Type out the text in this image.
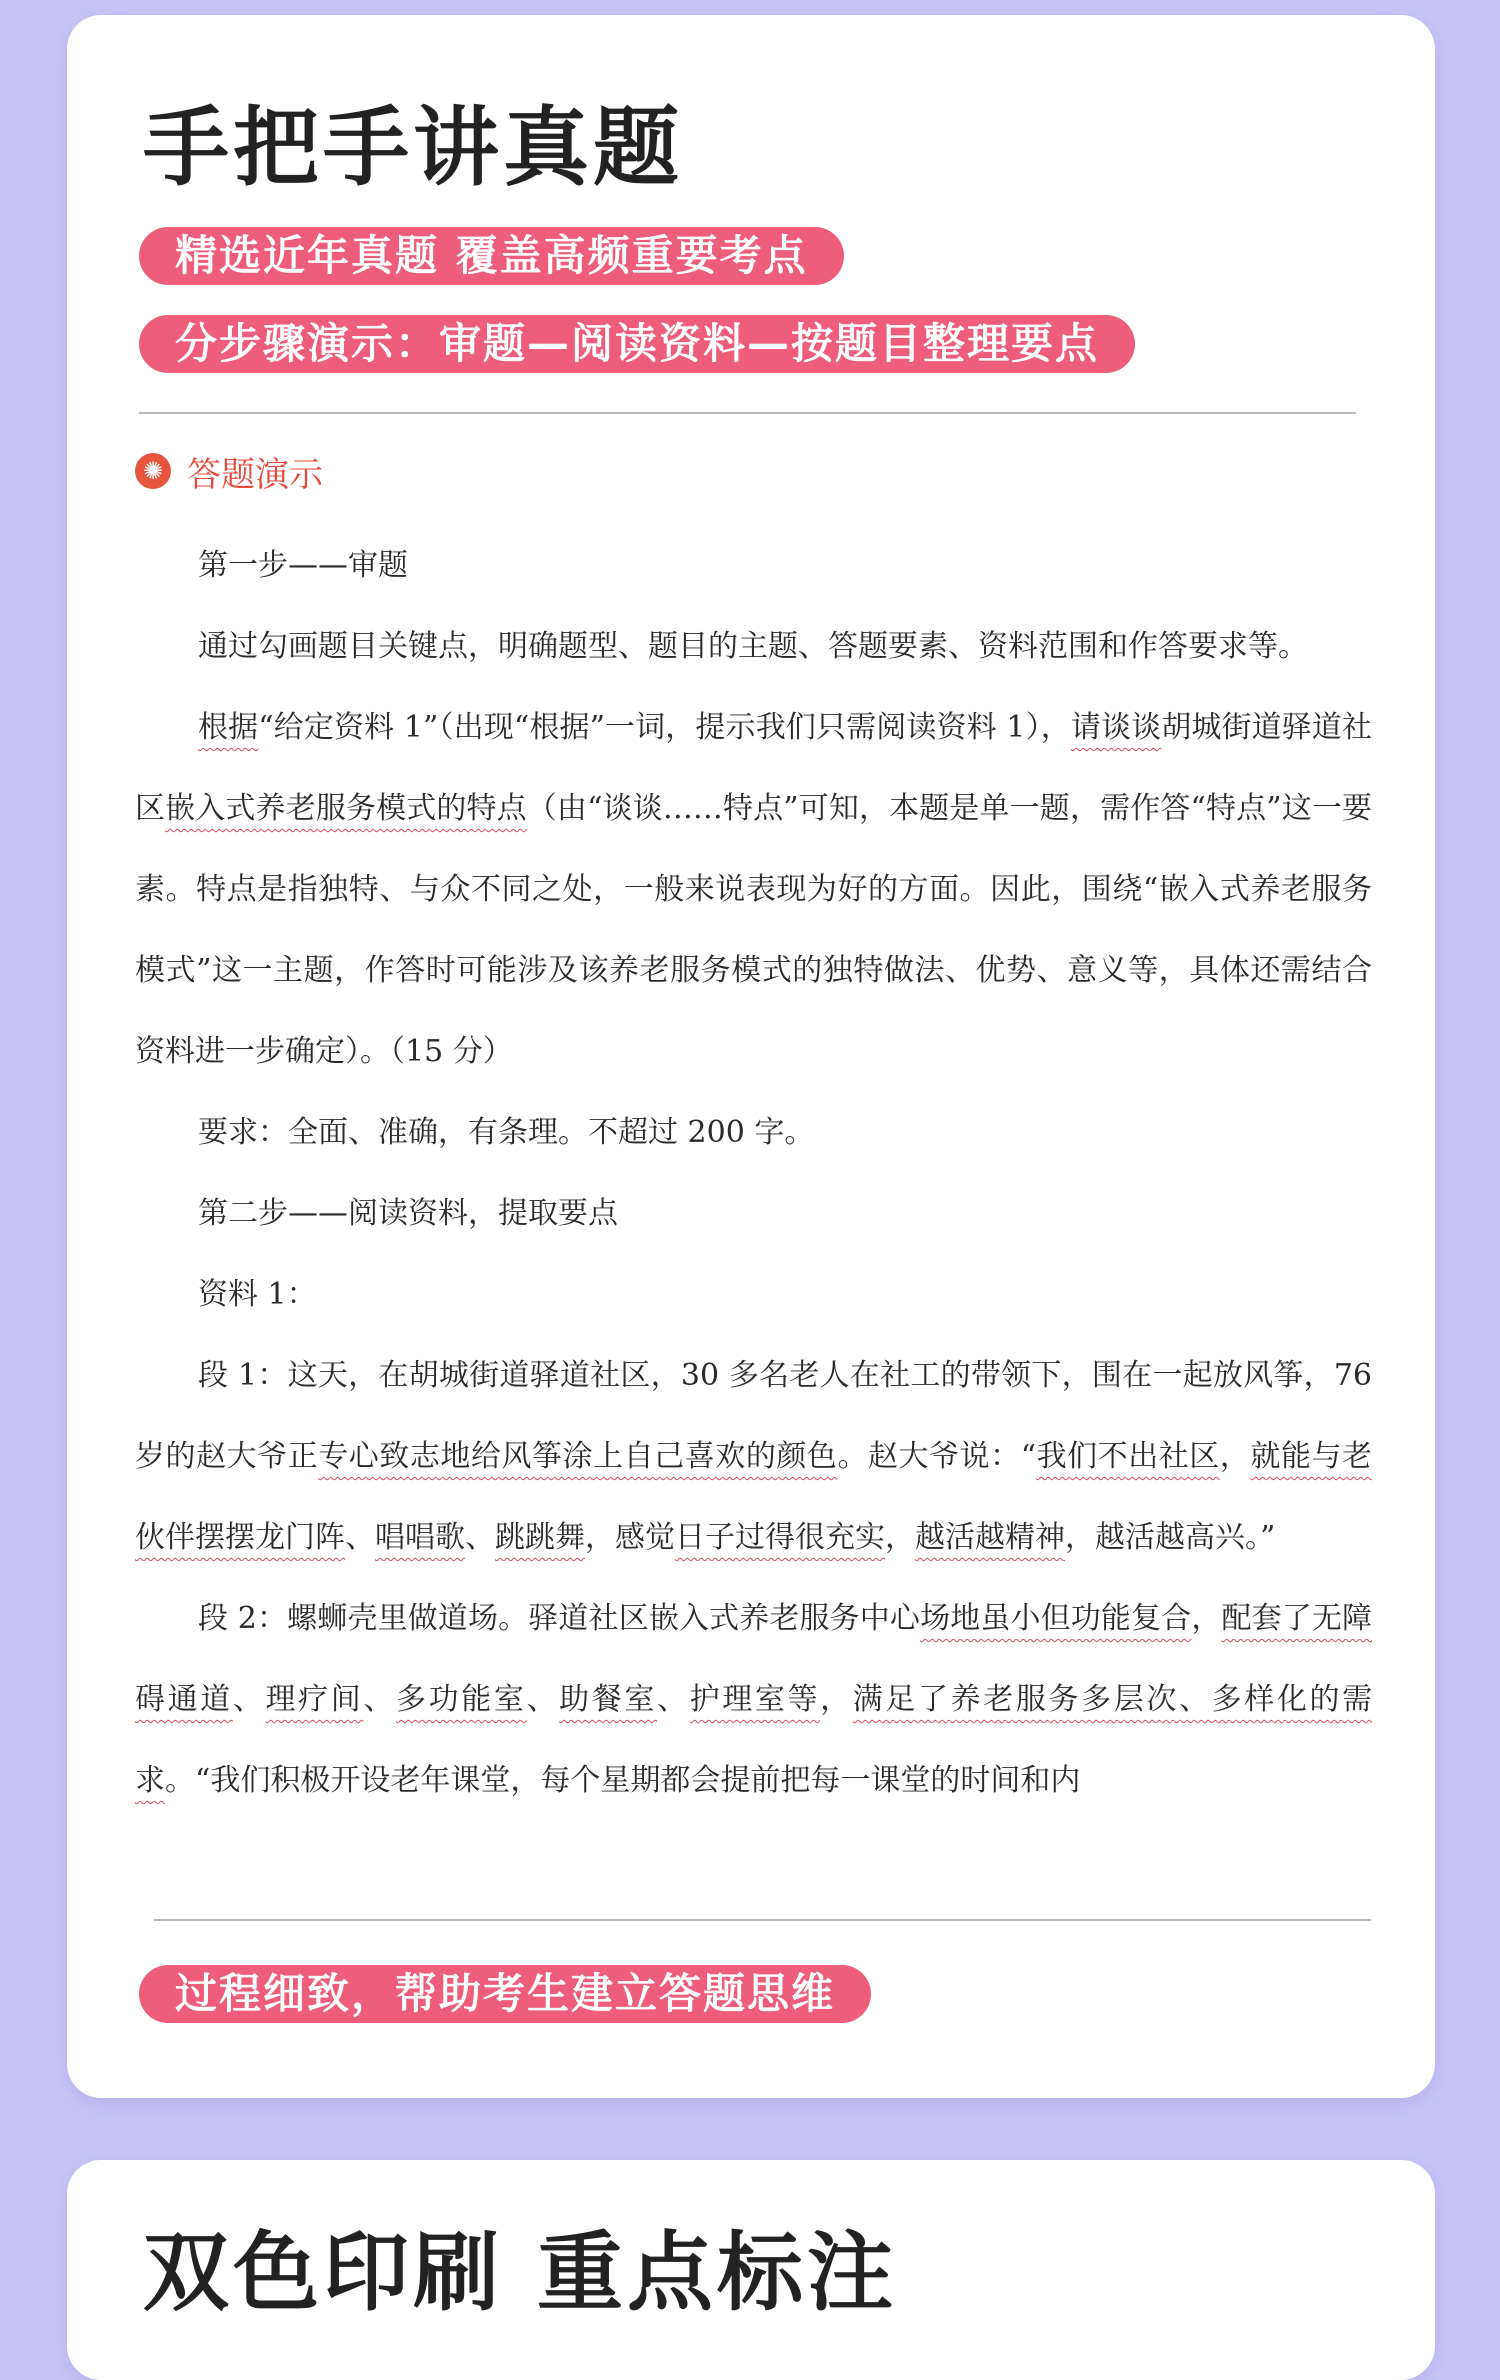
手把手讲真题
精选近年真题 覆盖高频重要考点
分步骤演示：审题—阅读资料—按题目整理要点
✺ 答题演示

第一步——审题

通过勾画题目关键点，明确题型、题目的主题、答题要素、资料范围和作答要求等。

根据“给定资料 1”（出现“根据”一词，提示我们只需阅读资料 1），请谈谈胡城街道驿道社区嵌入式养老服务模式的特点（由“谈谈……特点”可知，本题是单一题，需作答“特点”这一要素。特点是指独特、与众不同之处，一般来说表现为好的方面。因此，围绕“嵌入式养老服务模式”这一主题，作答时可能涉及该养老服务模式的独特做法、优势、意义等，具体还需结合资料进一步确定）。（15 分）

要求：全面、准确，有条理。不超过 200 字。

第二步——阅读资料，提取要点

资料 1：

段 1：这天，在胡城街道驿道社区，30 多名老人在社工的带领下，围在一起放风筝，76 岁的赵大爷正专心致志地给风筝涂上自己喜欢的颜色。赵大爷说：“我们不出社区，就能与老伙伴摆摆龙门阵、唱唱歌、跳跳舞，感觉日子过得很充实，越活越精神，越活越高兴。”

段 2：螺蛳壳里做道场。驿道社区嵌入式养老服务中心场地虽小但功能复合，配套了无障碍通道、理疗间、多功能室、助餐室、护理室等，满足了养老服务多层次、多样化的需求。“我们积极开设老年课堂，每个星期都会提前把每一课堂的时间和内

过程细致，帮助考生建立答题思维
双色印刷 重点标注
